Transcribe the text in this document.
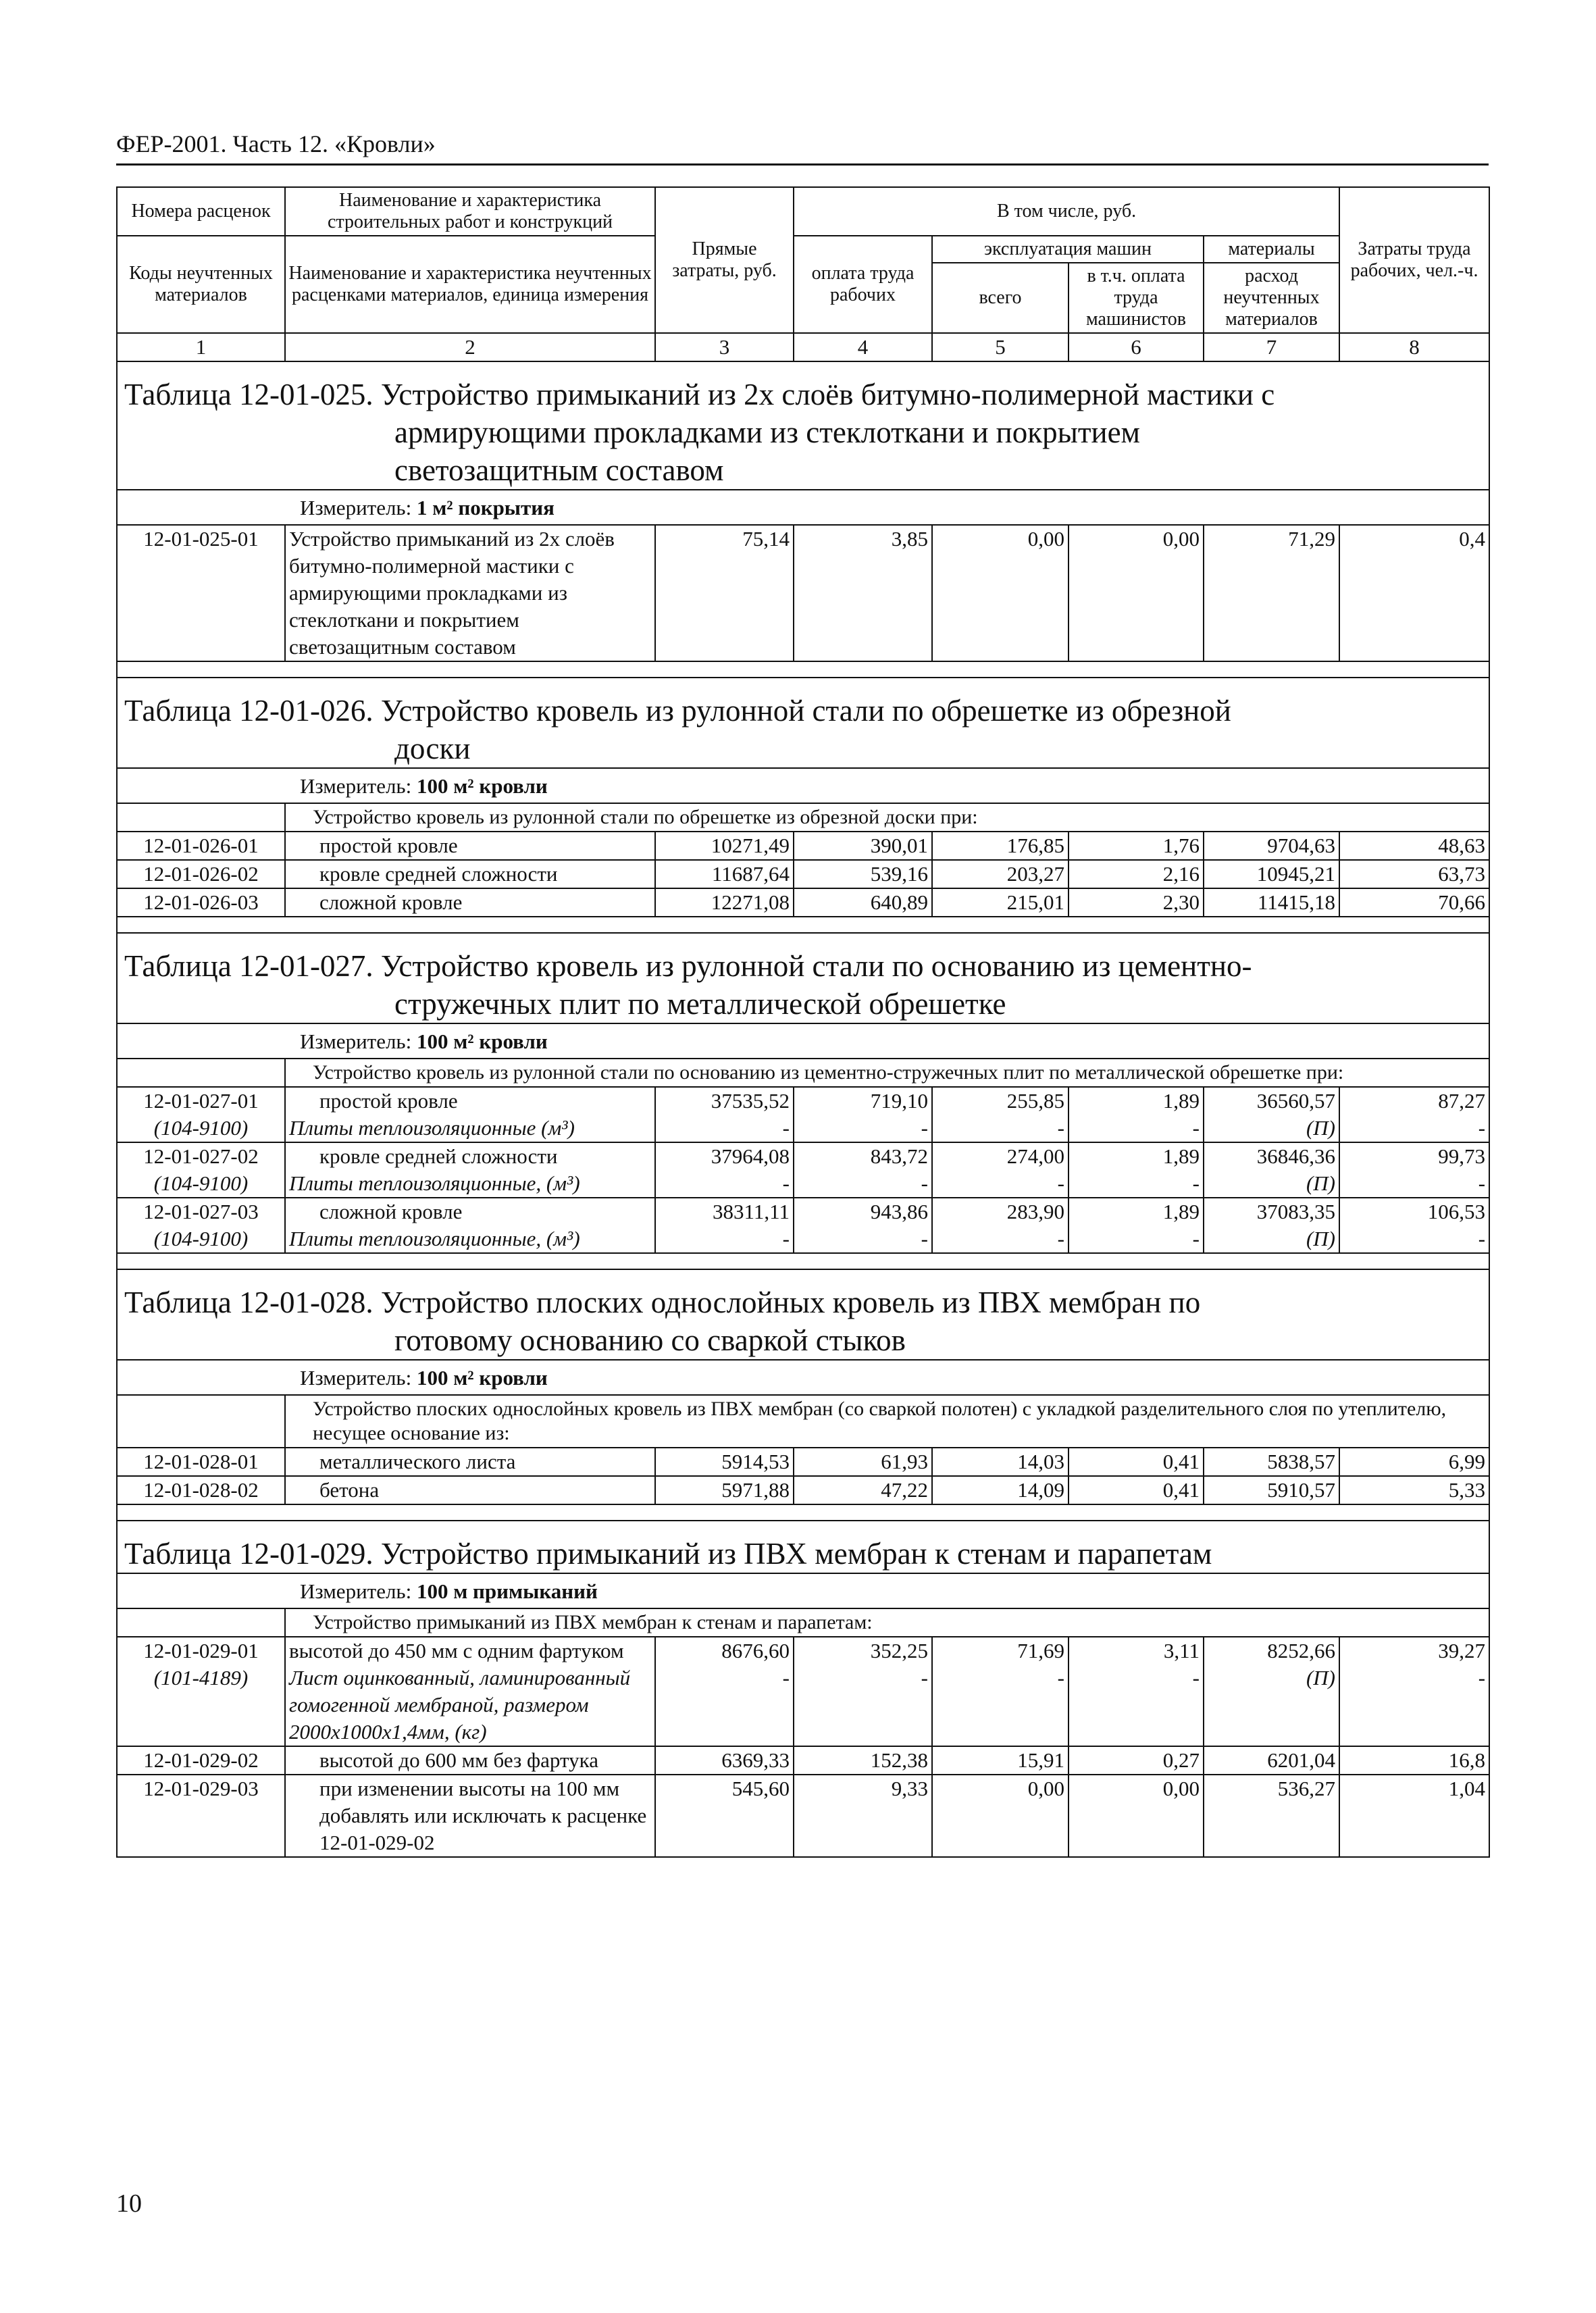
ФЕР-2001. Часть 12. «Кровли»
Номера расценок	Наименование и характеристика строительных работ и конструкций	Прямые затраты, руб.	В том числе, руб.				Затраты труда рабочих, чел.-ч.
Коды неучтенных материалов	Наименование и характеристика неучтенных расценками материалов, единица измерения		оплата труда рабочих	эксплуатация машин		материалы	
				всего	в т.ч. оплата труда машинистов	расход неучтенных материалов	

1	2	3	4	5	6	7	8
Таблица 12-01-025. Устройство примыканий из 2х слоёв битумно-полимерной мастики с
армирующими прокладками из стеклоткани и покрытием
светозащитным составом							

Измеритель: 1 м² покрытия							
12-01-025-01	Устройство примыканий из 2х слоёв битумно-полимерной мастики с армирующими прокладками из стеклоткани и покрытием светозащитным составом	75,14	3,85	0,00	0,00	71,29	0,4

Таблица 12-01-026. Устройство кровель из рулонной стали по обрешетке из обрезной
доски							

Измеритель: 100 м² кровли							
	Устройство кровель из рулонной стали по обрешетке из обрезной доски при:						
12-01-026-01	простой кровле	10271,49	390,01	176,85	1,76	9704,63	48,63
12-01-026-02	кровле средней сложности	11687,64	539,16	203,27	2,16	10945,21	63,73
12-01-026-03	сложной кровле	12271,08	640,89	215,01	2,30	11415,18	70,66

Таблица 12-01-027. Устройство кровель из рулонной стали по основанию из цементно-
стружечных плит по металлической обрешетке							

Измеритель: 100 м² кровли							
	Устройство кровель из рулонной стали по основанию из цементно-стружечных плит по металлической обрешетке при:						
12-01-027-01	простой кровле	37535,52	719,10	255,85	1,89	36560,57	87,27
(104-9100)	Плиты теплоизоляционные (м³)	-	-	-	-	(П)	-
12-01-027-02	кровле средней сложности	37964,08	843,72	274,00	1,89	36846,36	99,73
(104-9100)	Плиты теплоизоляционные, (м³)	-	-	-	-	(П)	-
12-01-027-03	сложной кровле	38311,11	943,86	283,90	1,89	37083,35	106,53
(104-9100)	Плиты теплоизоляционные, (м³)	-	-	-	-	(П)	-

Таблица 12-01-028. Устройство плоских однослойных кровель из ПВХ мембран по
готовому основанию со сваркой стыков							

Измеритель: 100 м² кровли							
	Устройство плоских однослойных кровель из ПВХ мембран (со сваркой полотен) с укладкой разделительного слоя по утеплителю, несущее основание из:						
12-01-028-01	металлического листа	5914,53	61,93	14,03	0,41	5838,57	6,99
12-01-028-02	бетона	5971,88	47,22	14,09	0,41	5910,57	5,33

Таблица 12-01-029. Устройство примыканий из ПВХ мембран к стенам и парапетам							
Измеритель: 100 м примыканий							
	Устройство примыканий из ПВХ мембран к стенам и парапетам:						
12-01-029-01	высотой до 450 мм с одним фартуком	8676,60	352,25	71,69	3,11	8252,66	39,27
(101-4189)	Лист оцинкованный, ламинированный гомогенной мембраной, размером 2000х1000х1,4мм, (кг)	-	-	-	-	(П)	-
12-01-029-02	высотой до 600 мм без фартука	6369,33	152,38	15,91	0,27	6201,04	16,8
12-01-029-03	при изменении высоты на 100 мм добавлять или исключать к расценке 12-01-029-02	545,60	9,33	0,00	0,00	536,27	1,04
10
